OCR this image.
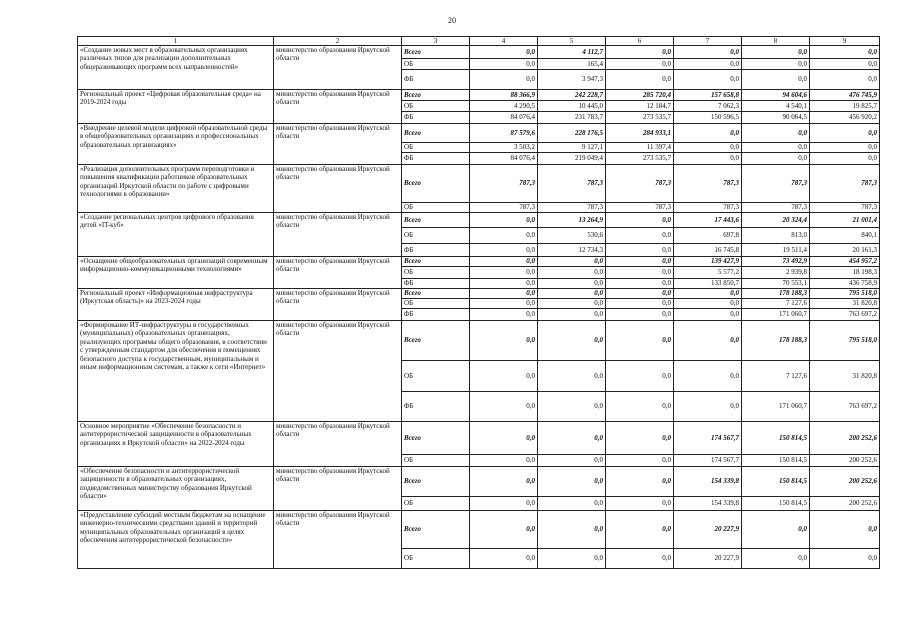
20
1	2	3	4	5	6	7	8	9
«Создание новых мест в образовательных организациях различных типов для реализации дополнительных общеразвивающих программ всех направленностей»	министерство образования Иркутской области	Всего	0,0	4 112,7	0,0	0,0	0,0	0,0
		ОБ	0,0	165,4	0,0	0,0	0,0	0,0
		ФБ	0,0	3 947,3	0,0	0,0	0,0	0,0
Региональный проект «Цифровая образовательная среда» на 2019-2024 годы	министерство образования Иркутской области	Всего	88 366,9	242 228,7	285 720,4	157 658,8	94 604,6	476 745,9
		ОБ	4 290,5	10 445,0	12 184,7	7 062,3	4 540,1	19 825,7
		ФБ	84 076,4	231 783,7	273 535,7	150 596,5	90 064,5	456 920,2
«Внедрение целевой модели цифровой образовательной среды в общеобразовательных организациях и профессиональных образовательных организациях»	министерство образования Иркутской области	Всего	87 579,6	228 176,5	284 933,1	0,0	0,0	0,0
		ОБ	3 503,2	9 127,1	11 397,4	0,0	0,0	0,0
		ФБ	84 076,4	219 049,4	273 535,7	0,0	0,0	0,0
«Реализация дополнительных программ переподготовки и повышения квалификации работников образовательных организаций Иркутской области по работе с цифровыми технологиями в образовании»	министерство образования Иркутской области	Всего	787,3	787,3	787,3	787,3	787,3	787,3
		ОБ	787,3	787,3	787,3	787,3	787,3	787,3
«Создание региональных центров цифрового образования детей «IT-куб»	министерство образования Иркутской области	Всего	0,0	13 264,9	0,0	17 443,6	20 324,4	21 001,4
		ОБ	0,0	530,6	0,0	697,8	813,0	840,1
		ФБ	0,0	12 734,3	0,0	16 745,8	19 511,4	20 161,3
«Оснащение общеобразовательных организаций современным информационно-коммуникационными технологиями»	министерство образования Иркутской области	Всего	0,0	0,0	0,0	139 427,9	73 492,9	454 957,2
		ОБ	0,0	0,0	0,0	5 577,2	2 939,8	18 198,3
		ФБ	0,0	0,0	0,0	133 850,7	70 553,1	436 758,9
Региональный проект «Информационная инфраструктура (Иркутская область)» на 2023-2024 годы	министерство образования Иркутской области	Всего	0,0	0,0	0,0	0,0	178 188,3	795 518,0
		ОБ	0,0	0,0	0,0	0,0	7 127,6	31 820,8
		ФБ	0,0	0,0	0,0	0,0	171 060,7	763 697,2
«Формирование ИТ-инфраструктуры в государственных (муниципальных) образовательных организациях, реализующих программы общего образования, в соответствии с утвержденным стандартом для обеспечения в помещениях безопасного доступа к государственным, муниципальным и иным информационным системам, а также к сети «Интернет»	министерство образования Иркутской области	Всего	0,0	0,0	0,0	0,0	178 188,3	795 518,0
		ОБ	0,0	0,0	0,0	0,0	7 127,6	31 820,8
		ФБ	0,0	0,0	0,0	0,0	171 060,7	763 697,2
Основное мероприятие «Обеспечение безопасности и антитеррористической защищенности в образовательных организациях в Иркутской области» на 2022-2024 годы	министерство образования Иркутской области	Всего	0,0	0,0	0,0	174 567,7	150 814,5	200 252,6
		ОБ	0,0	0,0	0,0	174 567,7	150 814,5	200 252,6
«Обеспечение безопасности и антитеррористической защищенности в образовательных организациях, подведомственных министерству образования Иркутской области»	министерство образования Иркутской области	Всего	0,0	0,0	0,0	154 339,8	150 814,5	200 252,6
		ОБ	0,0	0,0	0,0	154 339,8	150 814,5	200 252,6
«Предоставление субсидий местным бюджетам на оснащение инженерно-техническими средствами зданий и территорий муниципальных образовательных организаций в целях обеспечения антитеррористической безопасности»	министерство образования Иркутской области	Всего	0,0	0,0	0,0	20 227,9	0,0	0,0
		ОБ	0,0	0,0	0,0	20 227,9	0,0	0,0
